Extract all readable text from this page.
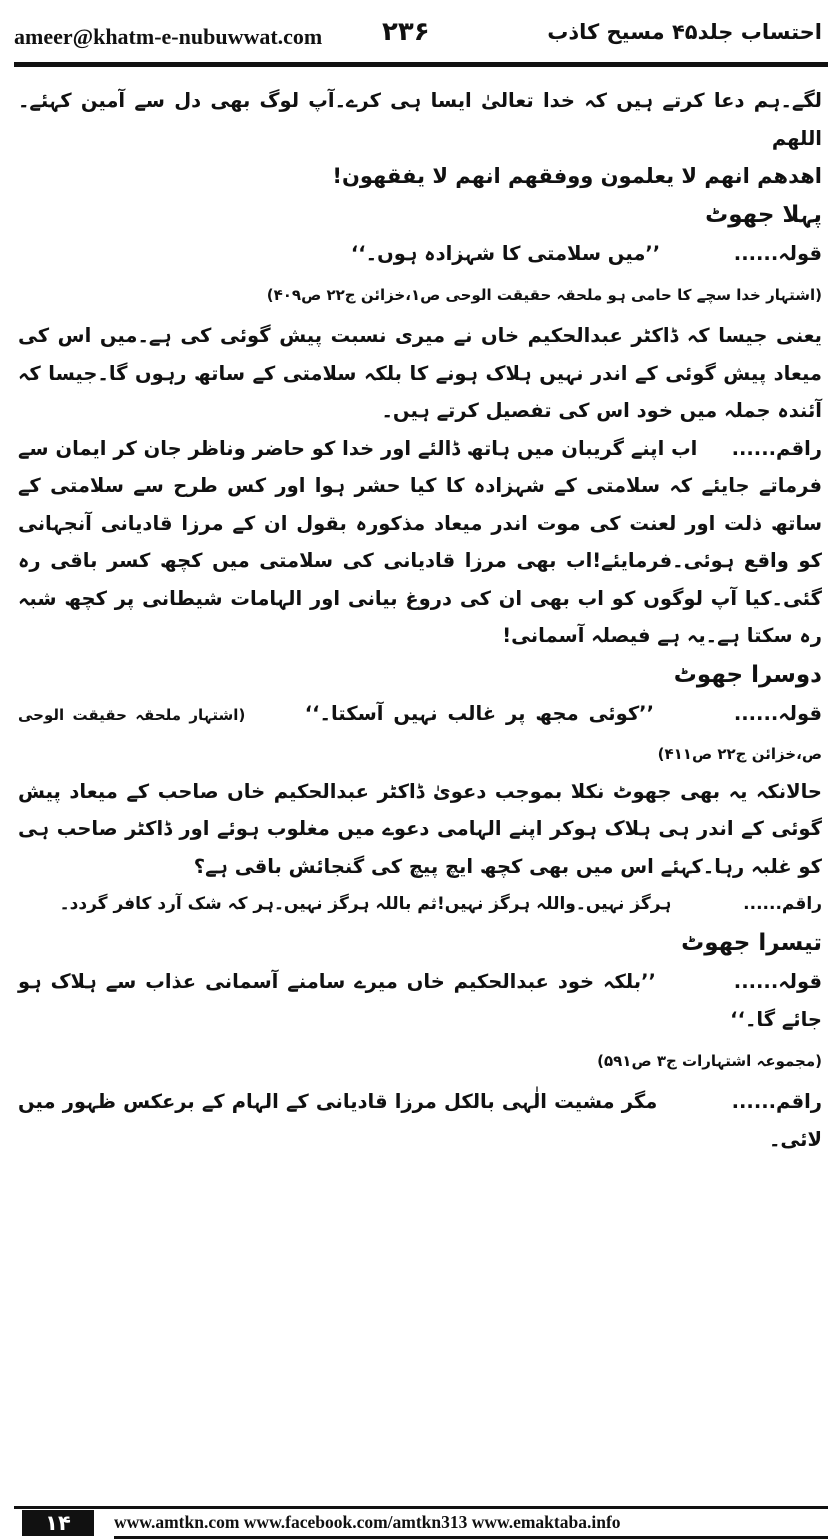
ameer@khatm-e-nubuwwat.com ۲۳۶	احتساب جلد۴۵ مسیح کاذب

لگے۔ہم دعا کرتے ہیں کہ خدا تعالیٰ ایسا ہی کرے۔آپ لوگ بھی دل سے آمین کہئے۔اللھم

اھدھم انھم لا یعلمون ووفقھم انھم لا یفقھون!

پہلا جھوٹ

قولہ......  ’’میں سلامتی کا شہزادہ ہوں۔‘‘

(اشتہار خدا سچے کا حامی ہو ملحقہ حقیقت الوحی ص۱،خزائن ج۲۲ ص۴۰۹)

یعنی جیسا کہ ڈاکٹر عبدالحکیم خاں نے میری نسبت پیش گوئی کی ہے۔میں اس کی میعاد پیش گوئی کے اندر نہیں ہلاک ہونے کا بلکہ سلامتی کے ساتھ رہوں گا۔جیسا کہ آئندہ جملہ میں خود اس کی تفصیل کرتے ہیں۔

راقم......     اب اپنے گریبان میں ہاتھ ڈالئے اور خدا کو حاضر وناظر جان کر ایمان سے فرماتے جایئے کہ سلامتی کے شہزادہ کا کیا حشر ہوا اور کس طرح سے سلامتی کے ساتھ ذلت اور لعنت کی موت اندر میعاد مذکورہ بقول ان کے مرزا قادیانی آنجہانی کو واقع ہوئی۔فرمایئے!اب بھی مرزا قادیانی کی سلامتی میں کچھ کسر باقی رہ گئی۔کیا آپ لوگوں کو اب بھی ان کی دروغ بیانی اور الہامات شیطانی پر کچھ شبہ رہ سکتا ہے۔یہ ہے فیصلہ آسمانی!

دوسرا جھوٹ

قولہ......  ’’کوئی مجھ پر غالب نہیں آسکتا۔‘‘      (اشتہار ملحقہ حقیقت الوحی ص،خزائن ج۲۲ ص۴۱۱)

حالانکہ یہ بھی جھوٹ نکلا بموجب دعویٰ ڈاکٹر عبدالحکیم خاں صاحب کے میعاد پیش گوئی کے اندر ہی ہلاک ہوکر اپنے الہامی دعوے میں مغلوب ہوئے اور ڈاکٹر صاحب ہی کو غلبہ رہا۔کہئے اس میں بھی کچھ ایچ پیچ کی گنجائش باقی ہے؟

راقم......  ہرگز نہیں۔واللہ ہرگز نہیں!ثم باللہ ہرگز نہیں۔ہر کہ شک آرد کافر گردد۔

تیسرا جھوٹ

قولہ......  ’’بلکہ خود عبدالحکیم خاں میرے سامنے آسمانی عذاب سے ہلاک ہو جائے گا۔‘‘

(مجموعہ اشتہارات ج۳ ص۵۹۱)

راقم......  مگر مشیت الٰہی بالکل مرزا قادیانی کے الہام کے برعکس ظہور میں لائی۔

۱۴	www.amtkn.com www.facebook.com/amtkn313 www.emaktaba.info
